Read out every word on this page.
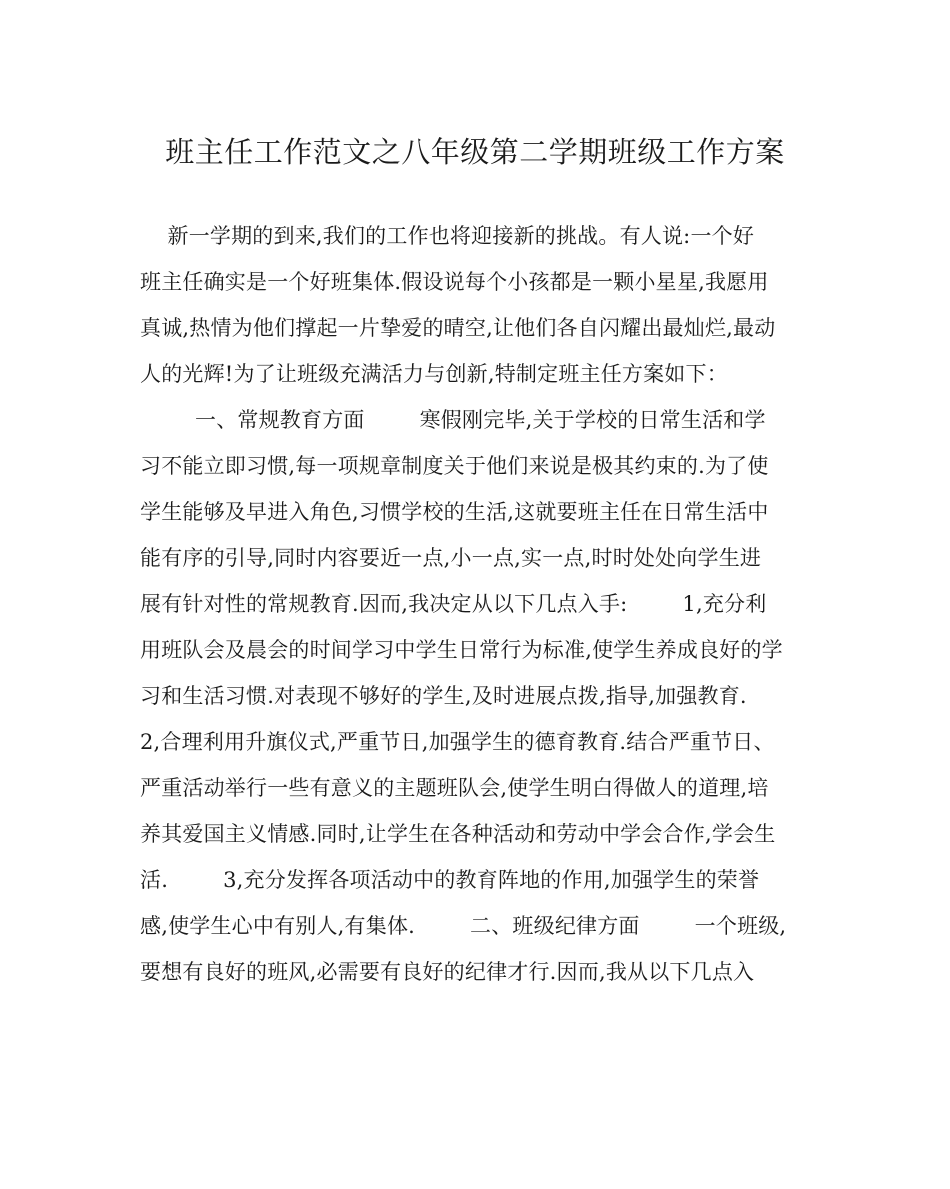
班主任工作范文之八年级第二学期班级工作方案
新一学期的到来,我们的工作也将迎接新的挑战。有人说:一个好
班主任确实是一个好班集体.假设说每个小孩都是一颗小星星,我愿用
真诚,热情为他们撑起一片挚爱的晴空,让他们各自闪耀出最灿烂,最动
人的光辉!为了让班级充满活力与创新,特制定班主任方案如下：
一、常规教育方面        寒假刚完毕,关于学校的日常生活和学
习不能立即习惯,每一项规章制度关于他们来说是极其约束的.为了使
学生能够及早进入角色,习惯学校的生活,这就要班主任在日常生活中
能有序的引导,同时内容要近一点,小一点,实一点,时时处处向学生进
展有针对性的常规教育.因而,我决定从以下几点入手:        1,充分利
用班队会及晨会的时间学习中学生日常行为标准,使学生养成良好的学
习和生活习惯.对表现不够好的学生,及时进展点拨,指导,加强教育.
2,合理利用升旗仪式,严重节日,加强学生的德育教育.结合严重节日、
严重活动举行一些有意义的主题班队会,使学生明白得做人的道理,培
养其爱国主义情感.同时,让学生在各种活动和劳动中学会合作,学会生
活.        3,充分发挥各项活动中的教育阵地的作用,加强学生的荣誉
感,使学生心中有别人,有集体.        二、班级纪律方面        一个班级,
要想有良好的班风,必需要有良好的纪律才行.因而,我从以下几点入
